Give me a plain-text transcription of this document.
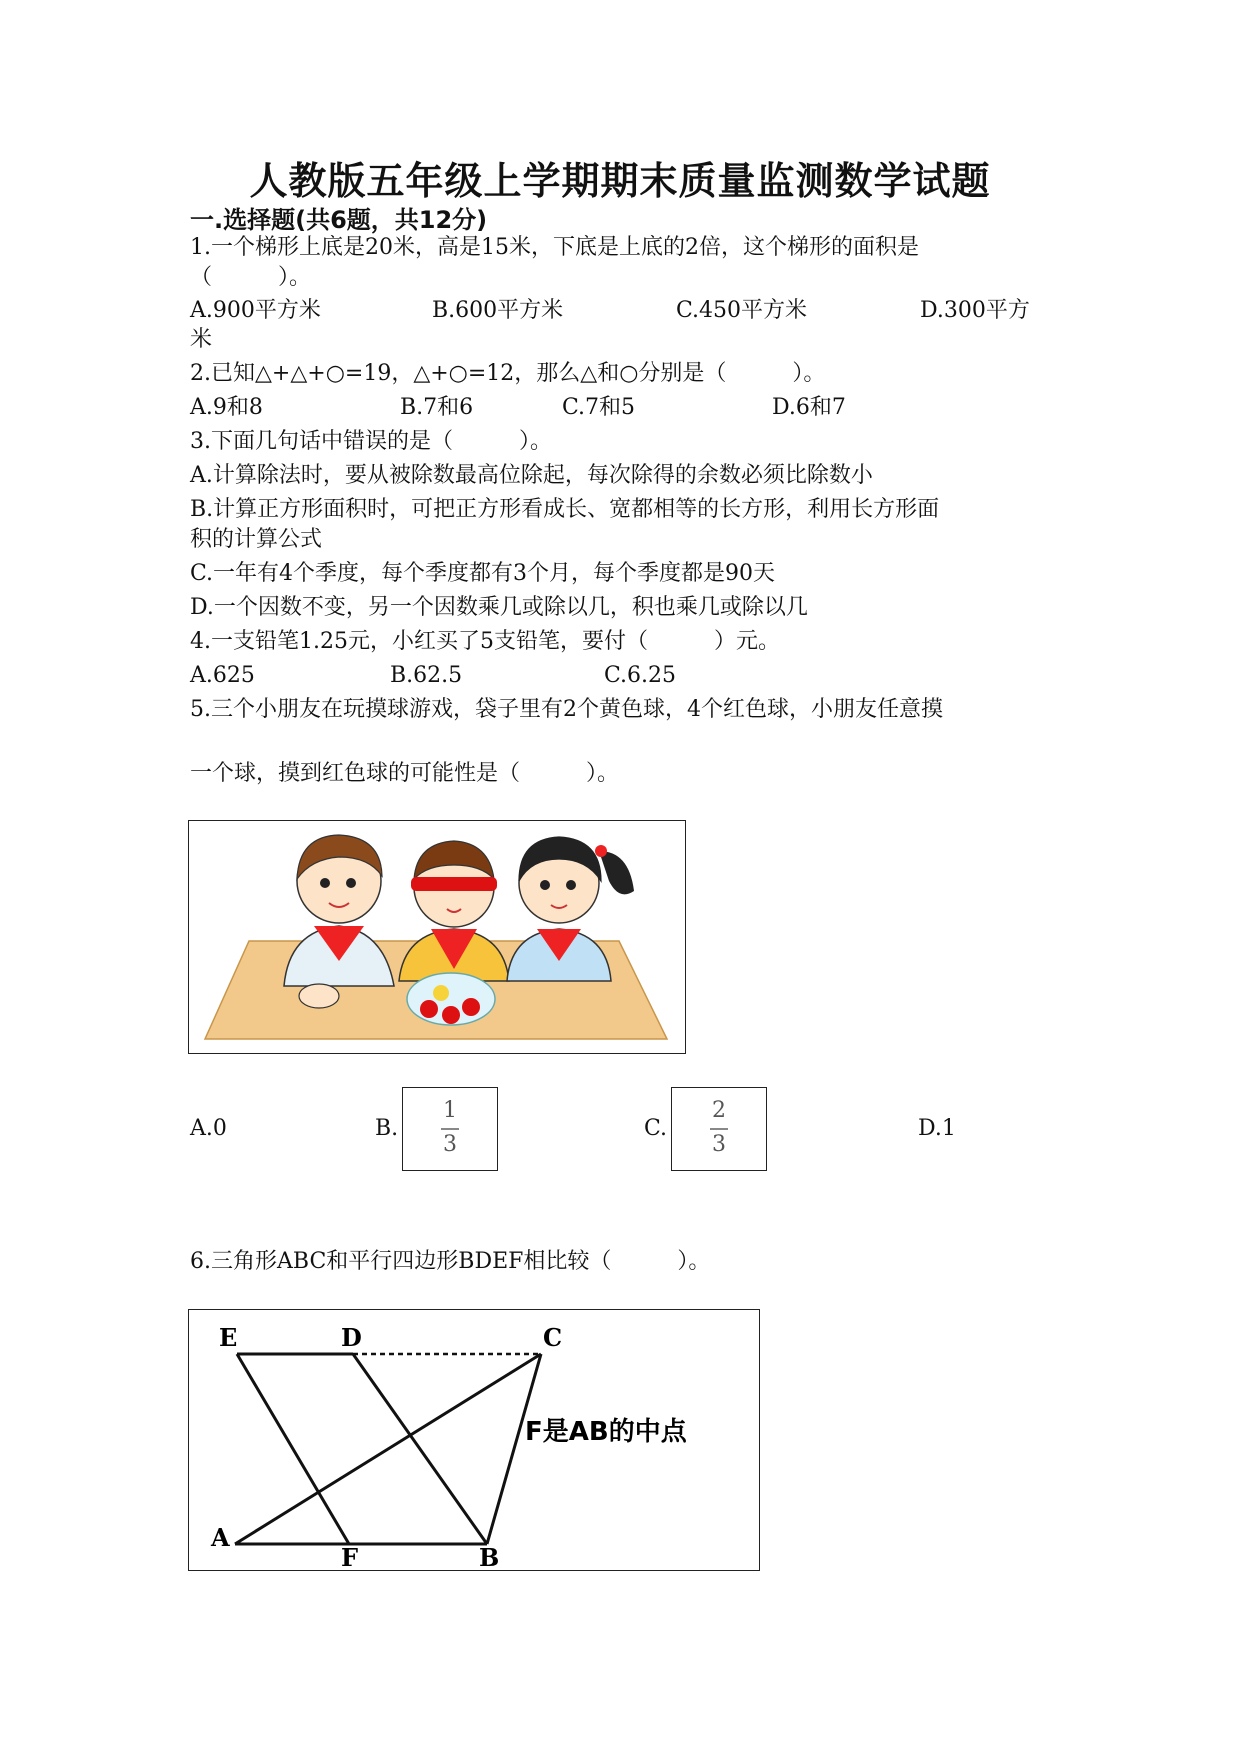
人教版五年级上学期期末质量监测数学试题
一.选择题(共6题，共12分)
1.一个梯形上底是20米，高是15米，下底是上底的2倍，这个梯形的面积是
（　　　）。
A.900平方米	B.600平方米	C.450平方米	D.300平方
米
2.已知△+△+○=19，△+○=12，那么△和○分别是（　　　）。
A.9和8	B.7和6	C.7和5	D.6和7
3.下面几句话中错误的是（　　　）。
A.计算除法时，要从被除数最高位除起，每次除得的余数必须比除数小
B.计算正方形面积时，可把正方形看成长、宽都相等的长方形，利用长方形面
积的计算公式
C.一年有4个季度，每个季度都有3个月，每个季度都是90天
D.一个因数不变，另一个因数乘几或除以几，积也乘几或除以几
4.一支铅笔1.25元，小红买了5支铅笔，要付（　　　）元。
A.625	B.62.5	C.6.25
5.三个小朋友在玩摸球游戏，袋子里有2个黄色球，4个红色球，小朋友任意摸
一个球，摸到红色球的可能性是（　　　）。
A.0	B.
1
3
C.
2
3
D.1
6.三角形ABC和平行四边形BDEF相比较（　　　）。
E	D	C
A
F	B
F是AB的中点
